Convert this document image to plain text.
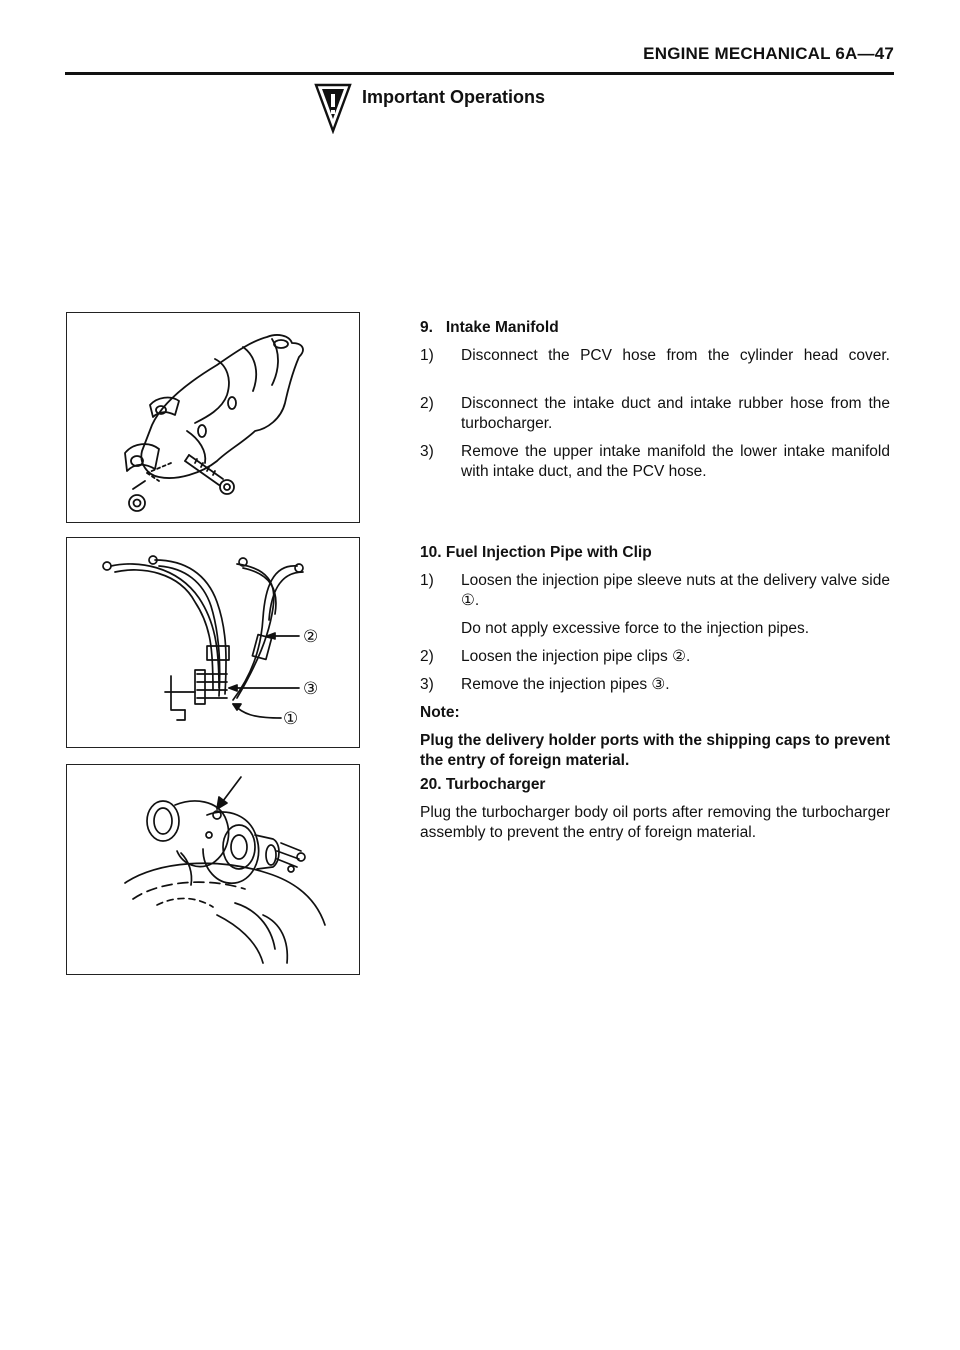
ENGINE MECHANICAL 6A—47
Important Operations
②
③
①
9.   Intake Manifold
1) Disconnect the PCV hose from the cylinder head cover.
2) Disconnect the intake duct and intake rubber hose from the turbocharger.
3) Remove the upper intake manifold the lower intake manifold with intake duct, and the PCV hose.
10. Fuel Injection Pipe with Clip
1) Loosen the injection pipe sleeve nuts at the delivery valve side ①.
Do not apply excessive force to the injection pipes.
2) Loosen the injection pipe clips ②.
3) Remove the injection pipes ③.
Note:
Plug the delivery holder ports with the shipping caps to prevent the entry of foreign material.
20. Turbocharger
Plug the turbocharger body oil ports after removing the turbocharger assembly to prevent the entry of foreign material.
